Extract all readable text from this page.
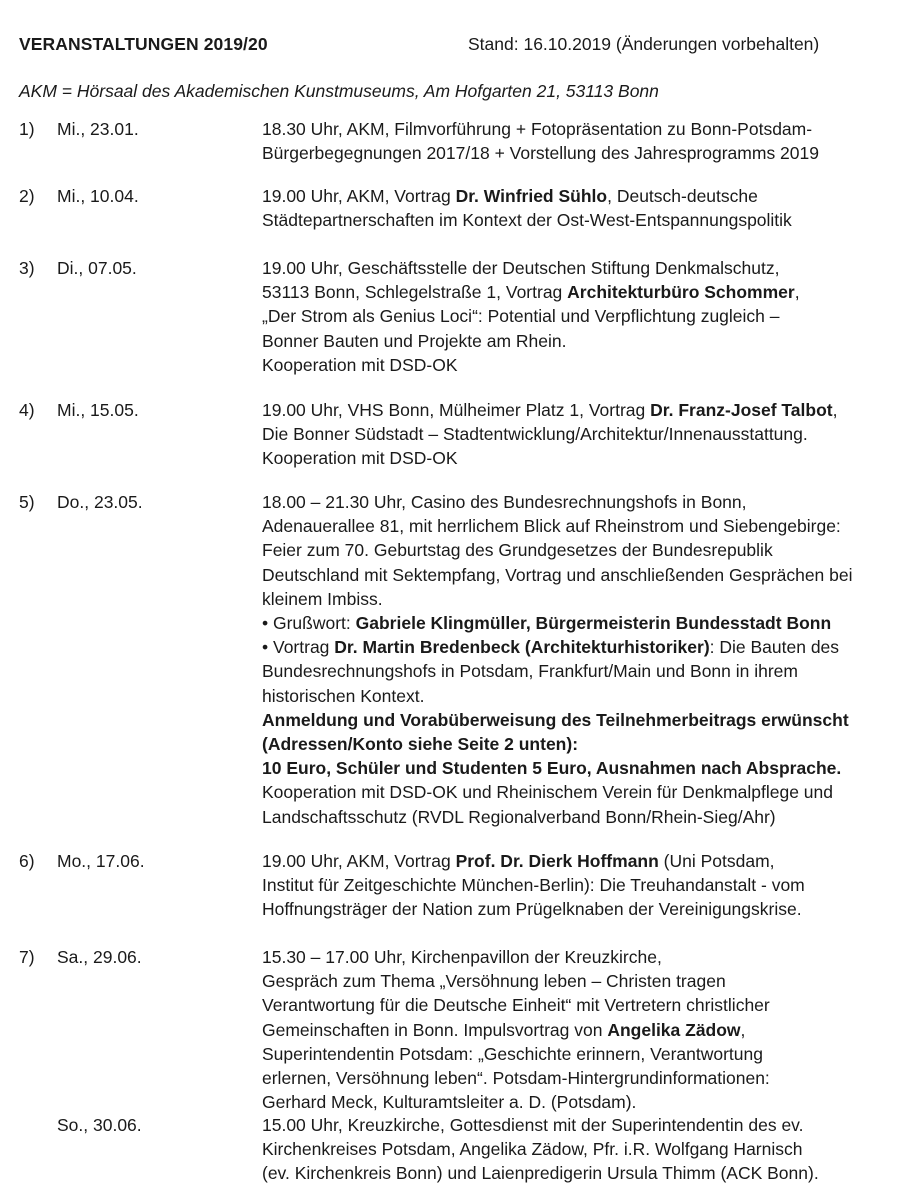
VERANSTALTUNGEN 2019/20	Stand: 16.10.2019 (Änderungen vorbehalten)
AKM = Hörsaal des Akademischen Kunstmuseums, Am Hofgarten 21, 53113 Bonn
1)	Mi., 23.01.	18.30 Uhr, AKM, Filmvorführung + Fotopräsentation zu Bonn-Potsdam-
Bürgerbegegnungen 2017/18 + Vorstellung des Jahresprogramms 2019
2)	Mi., 10.04.	19.00 Uhr, AKM, Vortrag Dr. Winfried Sühlo, Deutsch-deutsche
Städtepartnerschaften im Kontext der Ost-West-Entspannungspolitik
3)	Di., 07.05.	19.00 Uhr, Geschäftsstelle der Deutschen Stiftung Denkmalschutz,
53113 Bonn, Schlegelstraße 1, Vortrag Architekturbüro Schommer,
„Der Strom als Genius Loci“: Potential und Verpflichtung zugleich –
Bonner Bauten und Projekte am Rhein.
Kooperation mit DSD-OK
4)	Mi., 15.05.	19.00 Uhr, VHS Bonn, Mülheimer Platz 1, Vortrag Dr. Franz-Josef Talbot,
Die Bonner Südstadt – Stadtentwicklung/Architektur/Innenausstattung.
Kooperation mit DSD-OK
5)	Do., 23.05.	18.00 – 21.30 Uhr, Casino des Bundesrechnungshofs in Bonn,
Adenauerallee 81, mit herrlichem Blick auf Rheinstrom und Siebengebirge:
Feier zum 70. Geburtstag des Grundgesetzes der Bundesrepublik
Deutschland mit Sektempfang, Vortrag und anschließenden Gesprächen bei
kleinem Imbiss.
• Grußwort: Gabriele Klingmüller, Bürgermeisterin Bundesstadt Bonn
• Vortrag Dr. Martin Bredenbeck (Architekturhistoriker): Die Bauten des
Bundesrechnungshofs in Potsdam, Frankfurt/Main und Bonn in ihrem
historischen Kontext.
Anmeldung und Vorabüberweisung des Teilnehmerbeitrags erwünscht
(Adressen/Konto siehe Seite 2 unten):
10 Euro, Schüler und Studenten 5 Euro, Ausnahmen nach Absprache.
Kooperation mit DSD-OK und Rheinischem Verein für Denkmalpflege und
Landschaftsschutz (RVDL Regionalverband Bonn/Rhein-Sieg/Ahr)
6)	Mo., 17.06.	19.00 Uhr, AKM, Vortrag Prof. Dr. Dierk Hoffmann (Uni Potsdam,
Institut für Zeitgeschichte München-Berlin): Die Treuhandanstalt - vom
Hoffnungsträger der Nation zum Prügelknaben der Vereinigungskrise.
7)	Sa., 29.06.	15.30 – 17.00 Uhr, Kirchenpavillon der Kreuzkirche,
Gespräch zum Thema „Versöhnung leben – Christen tragen
Verantwortung für die Deutsche Einheit“ mit Vertretern christlicher
Gemeinschaften in Bonn. Impulsvortrag von Angelika Zädow,
Superintendentin Potsdam: „Geschichte erinnern, Verantwortung
erlernen, Versöhnung leben“. Potsdam-Hintergrundinformationen:
Gerhard Meck, Kulturamtsleiter a. D. (Potsdam).
So., 30.06.	15.00 Uhr, Kreuzkirche, Gottesdienst mit der Superintendentin des ev.
Kirchenkreises Potsdam, Angelika Zädow, Pfr. i.R. Wolfgang Harnisch
(ev. Kirchenkreis Bonn) und Laienpredigerin Ursula Thimm (ACK Bonn).
